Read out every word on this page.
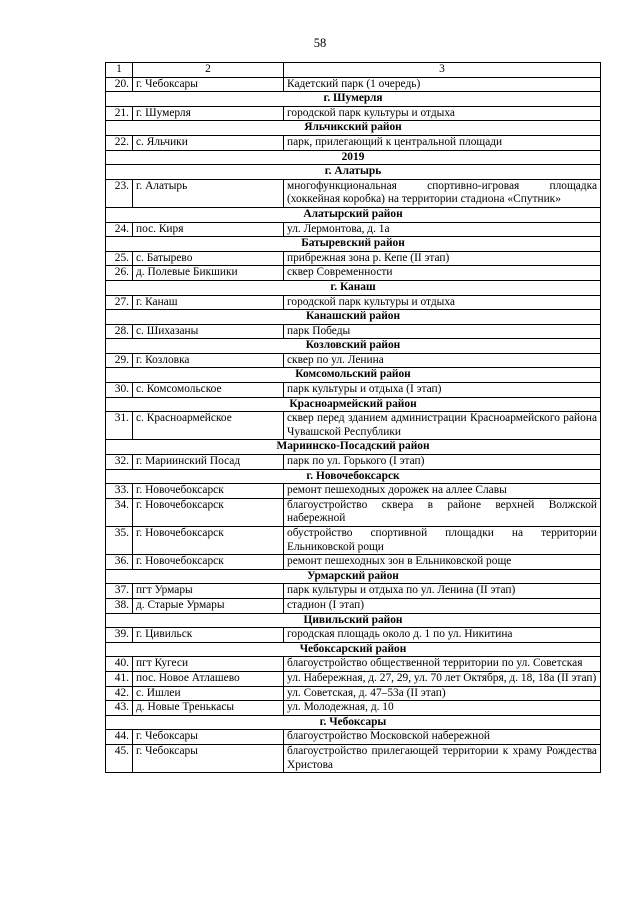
58
1	2	3
20.	г. Чебоксары	Кадетский парк (1 очередь)
г. Шумерля		
21.	г. Шумерля	городской парк культуры и отдыха
Яльчикский район		
22.	с. Яльчики	парк, прилегающий к центральной площади
2019		
г. Алатырь		
23.	г. Алатырь	многофункциональная спортивно-игровая площадка (хоккейная коробка) на территории стадиона «Спутник»
Алатырский район		
24.	пос. Киря	ул. Лермонтова, д. 1а
Батыревский район		
25.	с. Батырево	прибрежная зона р. Кепе (II этап)
26.	д. Полевые Бикшики	сквер Современности
г. Канаш		
27.	г. Канаш	городской парк культуры и отдыха
Канашский район		
28.	с. Шихазаны	парк Победы
Козловский район		
29.	г. Козловка	сквер по ул. Ленина
Комсомольский район		
30.	с. Комсомольское	парк культуры и отдыха (I этап)
Красноармейский район		
31.	с. Красноармейское	сквер перед зданием администрации Красноармейского района Чувашской Республики
Мариинско-Посадский район		
32.	г. Мариинский Посад	парк по ул. Горького (I этап)
г. Новочебоксарск		
33.	г. Новочебоксарск	ремонт пешеходных дорожек на аллее Славы
34.	г. Новочебоксарск	благоустройство сквера в районе верхней Волжской набережной
35.	г. Новочебоксарск	обустройство спортивной площадки на территории Ельниковской рощи
36.	г. Новочебоксарск	ремонт пешеходных зон в Ельниковской роще
Урмарский район		
37.	пгт Урмары	парк культуры и отдыха по ул. Ленина (II этап)
38.	д. Старые Урмары	стадион (I этап)
Цивильский район		
39.	г. Цивильск	городская площадь около д. 1 по ул. Никитина
Чебоксарский район		
40.	пгт Кугеси	благоустройство общественной территории по ул. Советская
41.	пос. Новое Атлашево	ул. Набережная, д. 27, 29, ул. 70 лет Октября, д. 18, 18а (II этап)
42.	с. Ишлеи	ул. Советская, д. 47–53а (II этап)
43.	д. Новые Тренькасы	ул. Молодежная, д. 10
г. Чебоксары		
44.	г. Чебоксары	благоустройство Московской набережной
45.	г. Чебоксары	благоустройство прилегающей территории к храму Рождества Христова
